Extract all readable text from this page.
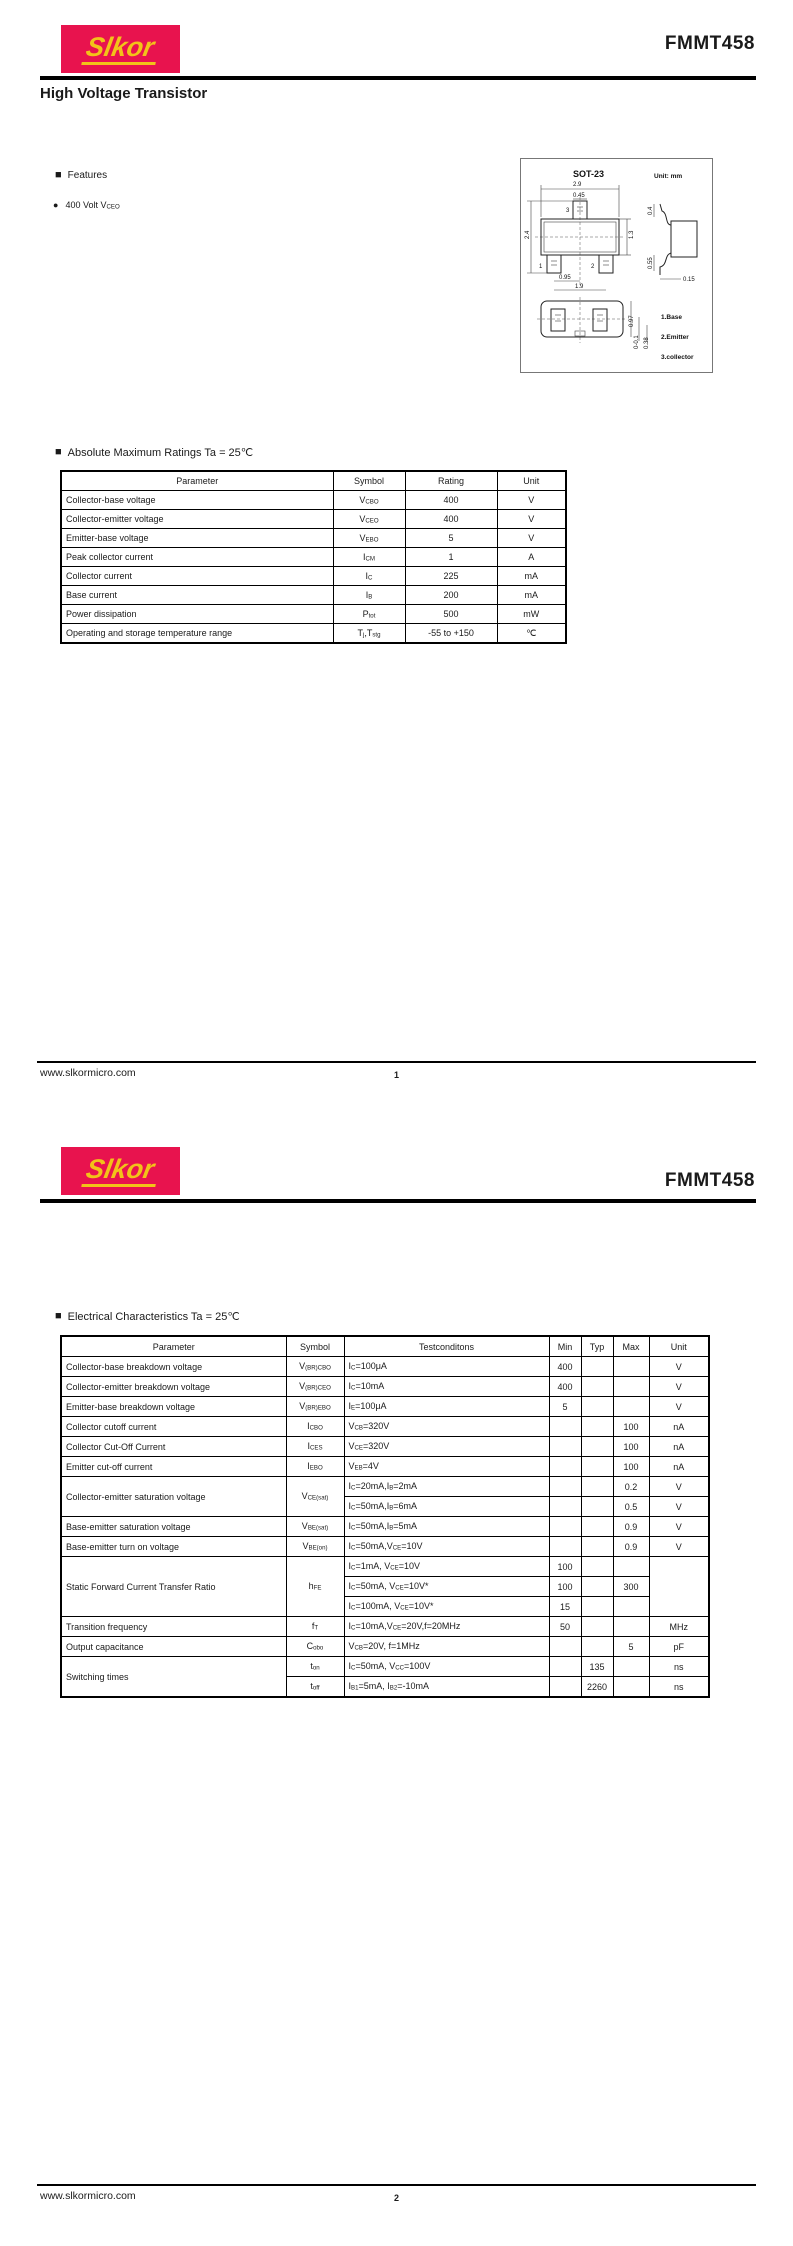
Slkor	FMMT458
High Voltage Transistor
■ Features
● 400 Volt $V_{CEO}$
SOT-23	Unit: mm
3
1	2
2.9
0.45
2.4	1.3
0.95
1.9
0.4
0.55
0.15
0.97
0-0.1 0.38
1.Base
2.Emitter
3.collector
■ Absolute Maximum Ratings Ta = 25℃
Parameter	Symbol	Rating	Unit
Collector-base voltage	$V_{CBO}$	400	V
Collector-emitter voltage	$V_{CEO}$	400	V
Emitter-base voltage	$V_{EBO}$	5	V
Peak collector current	$I_{CM}$	1	A
Collector current	$I_C$	225	mA
Base current	$I_B$	200	mA
Power dissipation	$P_{tot}$	500	mW
Operating and storage temperature range	$T_j,T_{stg}$	-55 to +150	℃
www.slkormicro.com	1
Slkor	FMMT458
■ Electrical Characteristics Ta = 25℃
Parameter	Symbol	Testconditons	Min	Typ	Max	Unit
Collector-base breakdown voltage	$V_{(BR)CBO}$	$I_C=100\mu A$	400			V
Collector-emitter breakdown voltage	$V_{(BR)CEO}$	$I_C=10mA$	400			V
Emitter-base breakdown voltage	$V_{(BR)EBO}$	$I_E=100\mu A$	5			V
Collector cutoff current	$I_{CBO}$	$V_{CB}=320V$			100	nA
Collector Cut-Off Current	$I_{CES}$	$V_{CE}=320V$			100	nA
Emitter cut-off current	$I_{EBO}$	$V_{EB}=4V$			100	nA
Collector-emitter saturation voltage	$V_{CE(sat)}$	$I_C=20mA,I_B=2mA$			0.2	V
		$I_C=50mA,I_B=6mA$			0.5	V
Base-emitter saturation voltage	$V_{BE(sat)}$	$I_C=50mA,I_B=5mA$			0.9	V
Base-emitter turn on voltage	$V_{BE(on)}$	$I_C=50mA,V_{CE}=10V$			0.9	V
Static Forward Current Transfer Ratio	$h_{FE}$	$I_C=1mA$, $V_{CE}=10V$	100			
		$I_C=50mA$, $V_{CE}=10V*$	100		300	
		$I_C=100mA$, $V_{CE}=10V*$	15			
Transition frequency	$f_T$	$I_C=10mA,V_{CE}=20V,f=20MHz$	50			MHz
Output capacitance	$C_{obo}$	$V_{CB}=20V$, f=1MHz			5	pF
Switching times	$t_{on}$	$I_C=50mA$, $V_{CC}=100V$		135		ns
	$t_{off}$	$I_{B1}=5mA$, $I_{B2}=-10mA$		2260		ns
www.slkormicro.com	2
